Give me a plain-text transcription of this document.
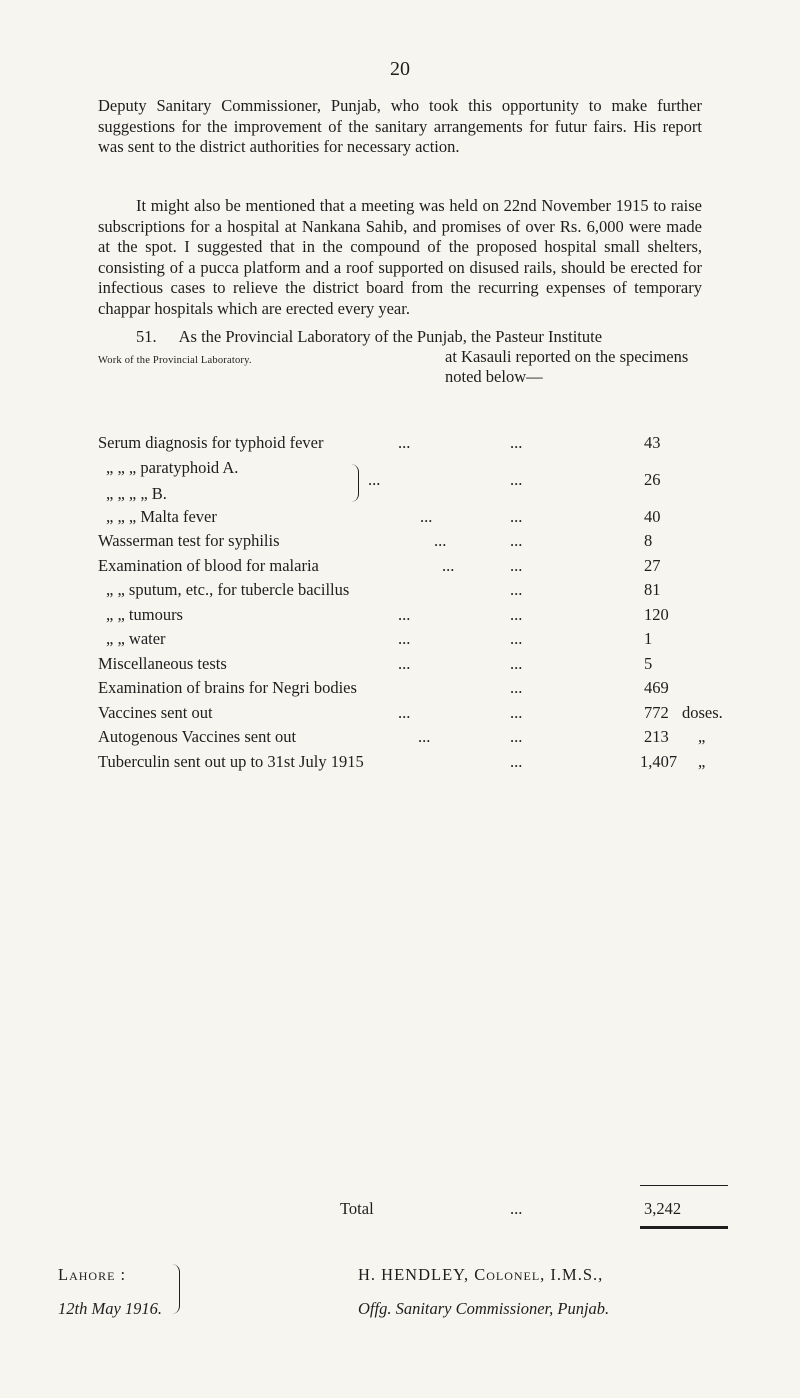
20

Deputy Sanitary Commissioner, Punjab, who took this opportunity to make further suggestions for the improvement of the sanitary arrangements for futur fairs. His report was sent to the district authorities for necessary action.

It might also be mentioned that a meeting was held on 22nd November 1915 to raise subscriptions for a hospital at Nankana Sahib, and promises of over Rs. 6,000 were made at the spot. I suggested that in the compound of the proposed hospital small shelters, consisting of a pucca platform and a roof supported on disused rails, should be erected for infectious cases to relieve the district board from the recurring expenses of temporary chappar hospitals which are erected every year.

51. As the Provincial Laboratory of the Punjab, the Pasteur Institute
Work of the Provincial Laboratory.	at Kasauli reported on the specimens
noted below—
Serum diagnosis for typhoid fever	...	...	43
„ „ „ paratyphoid A.
„ „ „ „ B.
...	...	26
„ „ „ Malta fever	...	...	40
Wasserman test for syphilis	...	...	8
Examination of blood for malaria	...	...	27
„ „ sputum, etc., for tubercle bacillus	...	81
„ „ tumours	...	...	120
„ „ water	...	...	1
Miscellaneous tests	...	...	5
Examination of brains for Negri bodies	...	469
Vaccines sent out	...	...	772 doses.
Autogenous Vaccines sent out	...	...	213 „
Tuberculin sent out up to 31st July 1915	...	1,407 „
Total	...	3,242
Lahore :
12th May 1916.
H. HENDLEY, Colonel, I.M.S.,
Offg. Sanitary Commissioner, Punjab.
